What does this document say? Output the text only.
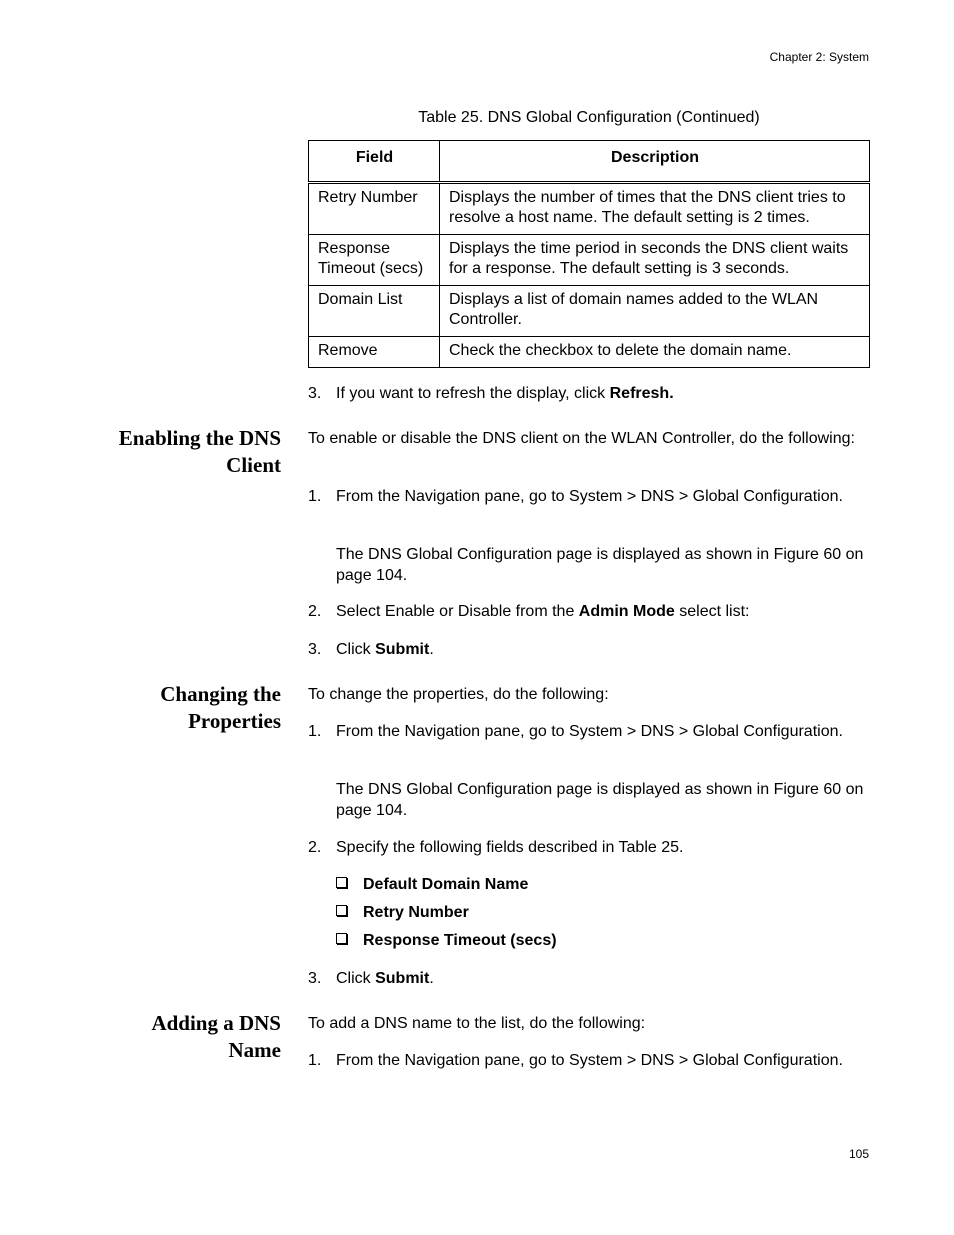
Chapter 2: System
Table 25. DNS Global Configuration (Continued)
Field	Description
Retry Number	Displays the number of times that the DNS client tries to resolve a host name. The default setting is 2 times.
Response Timeout (secs)	Displays the time period in seconds the DNS client waits for a response. The default setting is 3 seconds.
Domain List	Displays a list of domain names added to the WLAN Controller.
Remove	Check the checkbox to delete the domain name.
3. If you want to refresh the display, click Refresh.
Enabling the DNS
Client
To enable or disable the DNS client on the WLAN Controller, do the following:
1. From the Navigation pane, go to System > DNS > Global Configuration.
The DNS Global Configuration page is displayed as shown in Figure 60 on page 104.
2. Select Enable or Disable from the Admin Mode select list:
3. Click Submit.
Changing the
Properties
To change the properties, do the following:
1. From the Navigation pane, go to System > DNS > Global Configuration.
The DNS Global Configuration page is displayed as shown in Figure 60 on page 104.
2. Specify the following fields described in Table 25.
Default Domain Name
Retry Number
Response Timeout (secs)
3. Click Submit.
Adding a DNS
Name
To add a DNS name to the list, do the following:
1. From the Navigation pane, go to System > DNS > Global Configuration.
105
